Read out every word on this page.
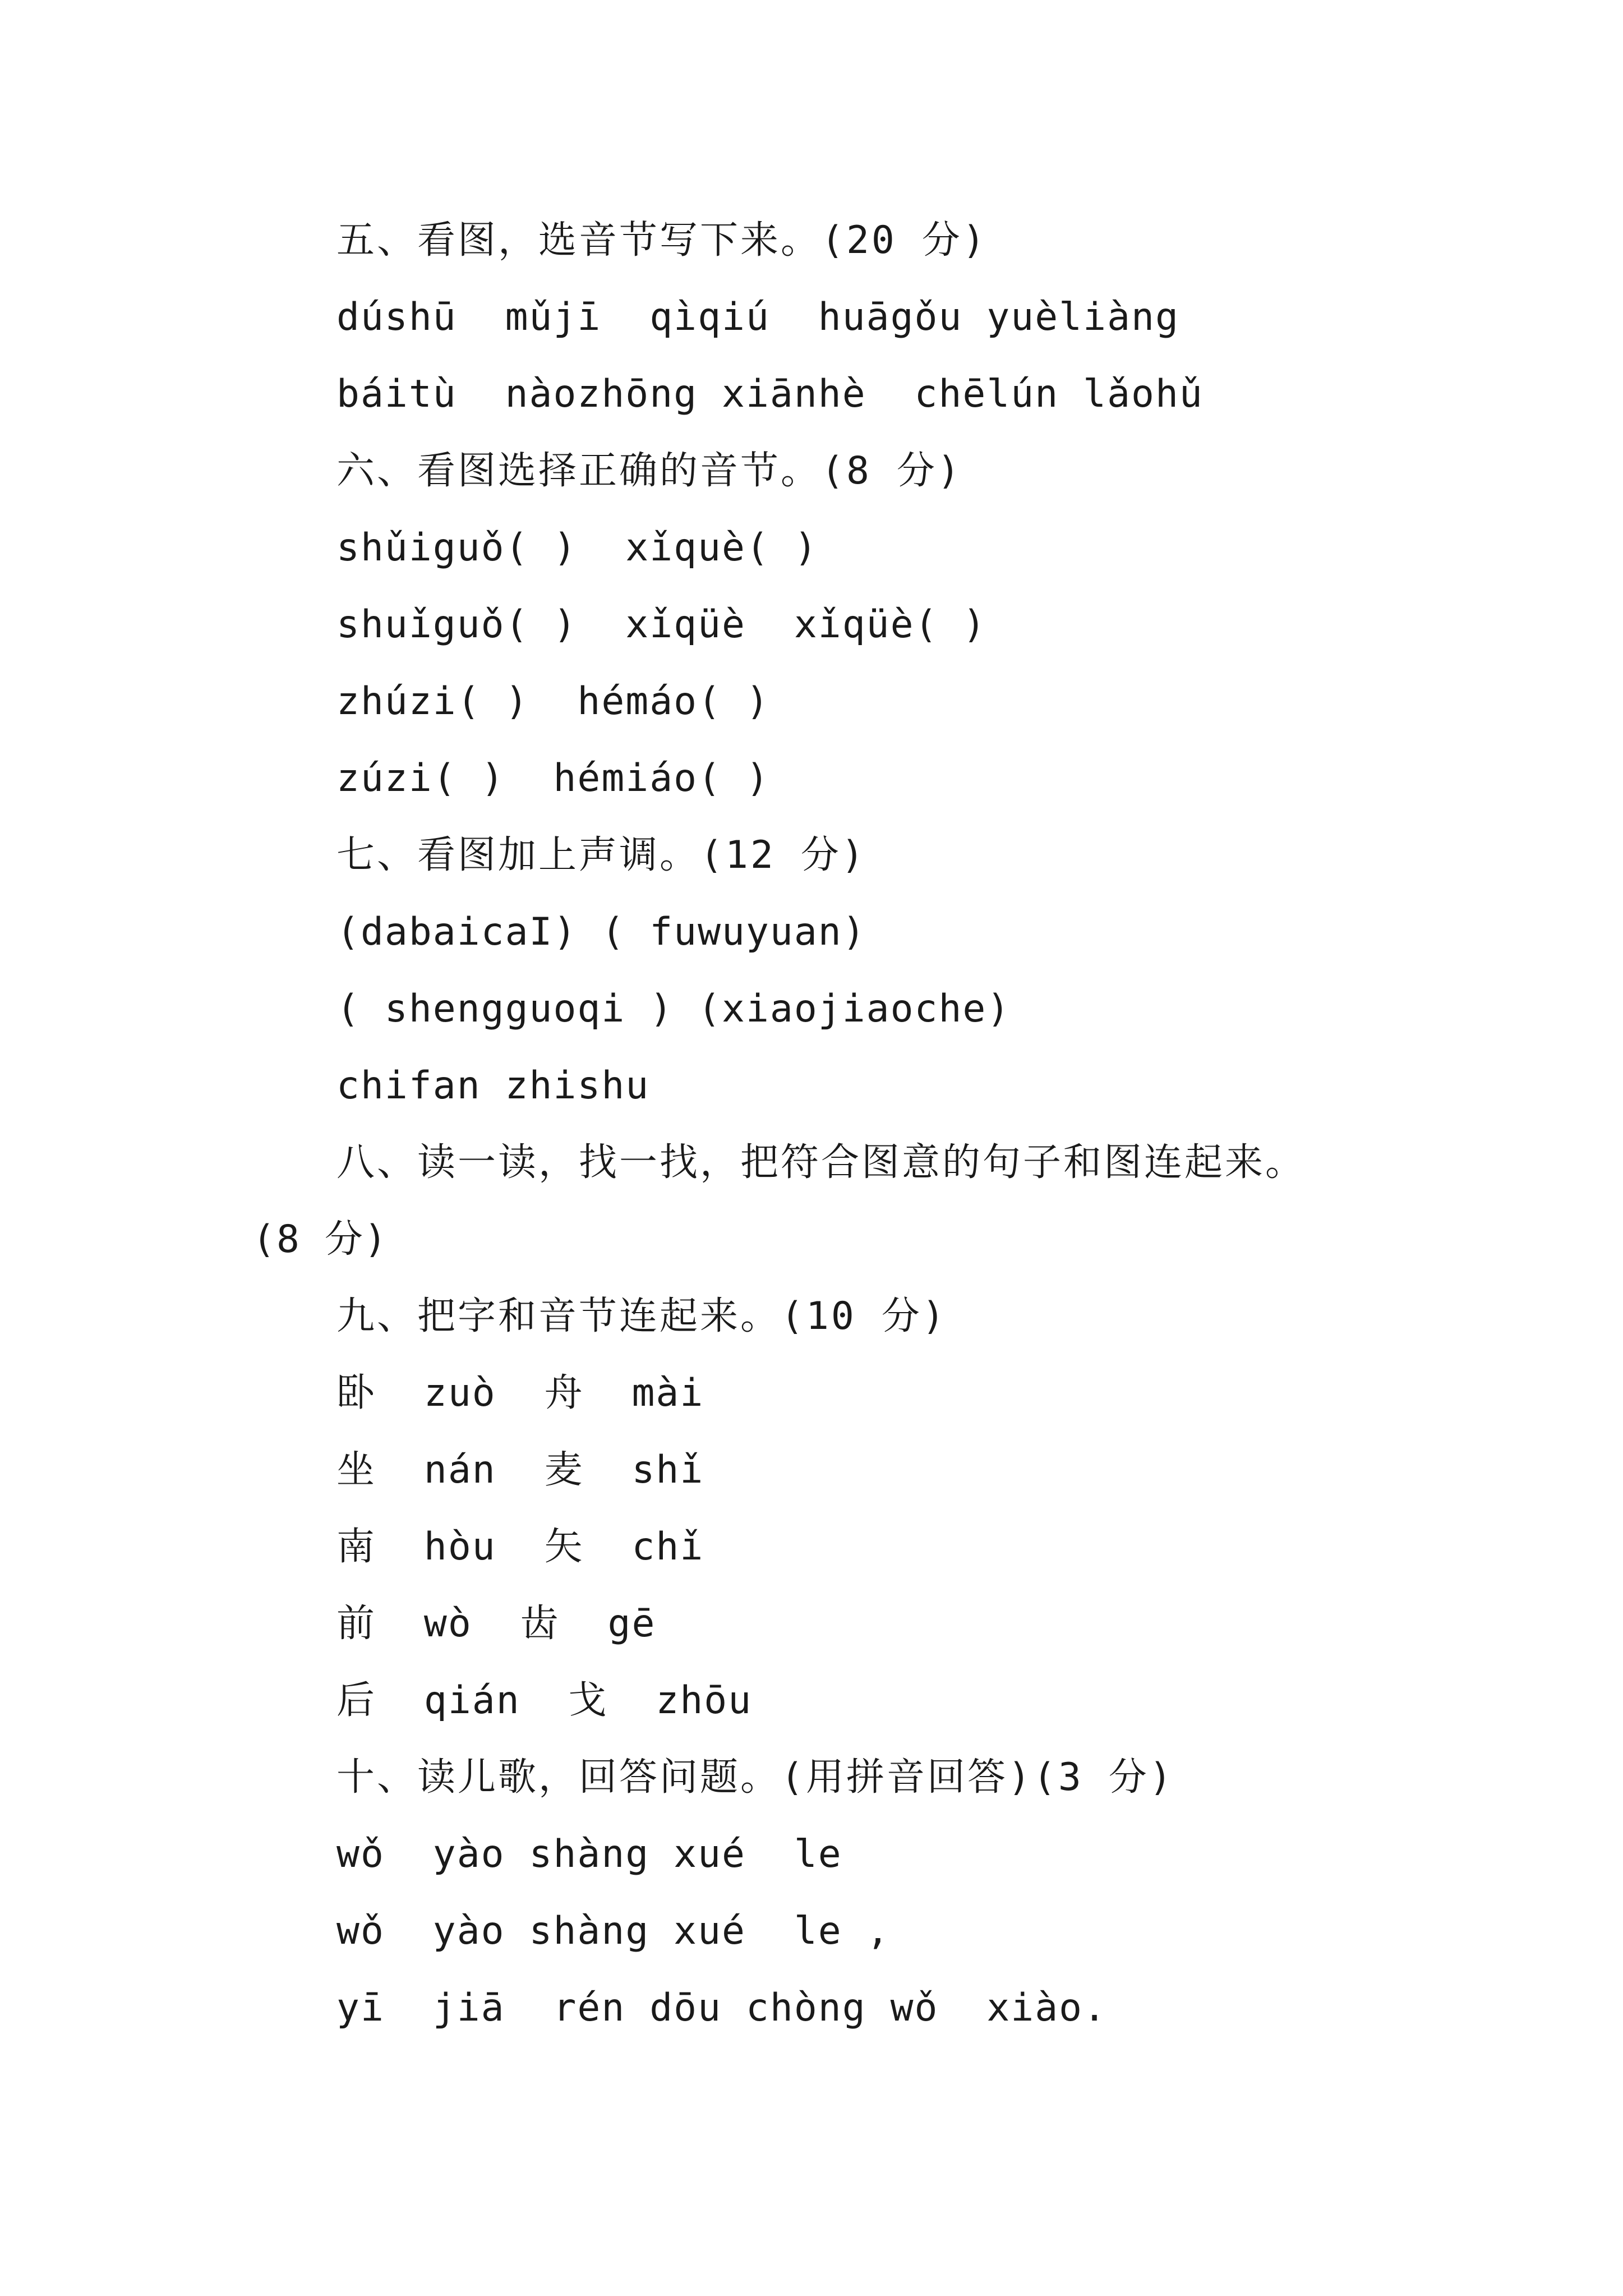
五、看图，选音节写下来。(20 分)
dúshū  mǔjī  qìqiú  huāgǒu yuèliàng
báitù  nàozhōng xiānhè  chēlún lǎohǔ
六、看图选择正确的音节。(8 分)
shǔiguǒ( )  xǐquè( )
shuǐguǒ( )  xǐqüè  xǐqüè( )
zhúzi( )  hémáo( )
zúzi( )  hémiáo( )
七、看图加上声调。(12 分)
(dabaicaI) ( fuwuyuan)
( shengguoqi ) (xiaojiaoche)
chifan zhishu
八、读一读，找一找，把符合图意的句子和图连起来。
(8 分)
九、把字和音节连起来。(10 分)
卧  zuò  舟  mài
坐  nán  麦  shǐ
南  hòu  矢  chǐ
前  wò  齿  gē
后  qián  戈  zhōu
十、读儿歌，回答问题。(用拼音回答)(3 分)
wǒ  yào shàng xué  le
wǒ  yào shàng xué  le ,
yī  jiā  rén dōu chòng wǒ  xiào.
